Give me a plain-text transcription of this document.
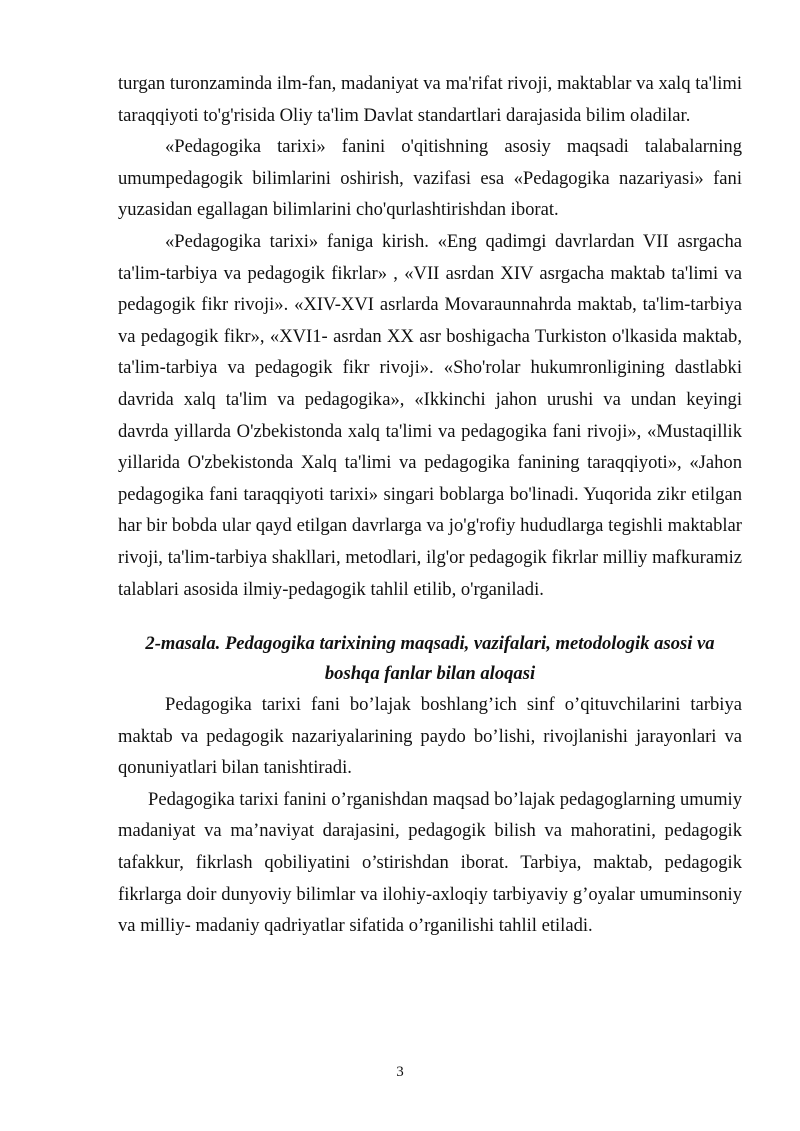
turgan turonzaminda ilm-fan, madaniyat va ma'rifat rivoji, maktablar va xalq ta'limi taraqqiyoti to'g'risida Oliy ta'lim Davlat standartlari darajasida bilim oladilar.

«Pedagogika tarixi» fanini o'qitishning asosiy maqsadi talabalarning umumpedagogik bilimlarini oshirish, vazifasi esa «Pedagogika nazariyasi» fani yuzasidan egallagan bilimlarini cho'qurlashtirishdan iborat.

«Pedagogika tarixi» faniga kirish. «Eng qadimgi davrlardan VII asrgacha ta'lim-tarbiya va pedagogik fikrlar» , «VII asrdan XIV asrgacha maktab ta'limi va pedagogik fikr rivoji». «XIV-XVI asrlarda Movaraunnahrda maktab, ta'lim-tarbiya va pedagogik fikr», «XVI1- asrdan XX asr boshigacha Turkiston o'lkasida maktab, ta'lim-tarbiya va pedagogik fikr rivoji». «Sho'rolar hukumronligining dastlabki davrida xalq ta'lim va pedagogika», «Ikkinchi jahon urushi va undan keyingi davrda yillarda O'zbekistonda xalq ta'limi va pedagogika fani rivoji», «Mustaqillik yillarida O'zbekistonda Xalq ta'limi va pedagogika fanining taraqqiyoti», «Jahon pedagogika fani taraqqiyoti tarixi» singari boblarga bo'linadi. Yuqorida zikr etilgan har bir bobda ular qayd etilgan davrlarga va jo'g'rofiy hududlarga tegishli maktablar rivoji, ta'lim-tarbiya shakllari, metodlari, ilg'or pedagogik fikrlar milliy mafkuramiz talablari asosida ilmiy-pedagogik tahlil etilib, o'rganiladi.

2-masala. Pedagogika tarixining maqsadi, vazifalari, metodologik asosi va boshqa fanlar bilan aloqasi

Pedagogika tarixi fani bo’lajak boshlang’ich sinf o’qituvchilarini tarbiya maktab va pedagogik nazariyalarining paydo bo’lishi, rivojlanishi jarayonlari va qonuniyatlari bilan tanishtiradi.

Pedagogika tarixi fanini o’rganishdan maqsad bo’lajak pedagoglarning umumiy madaniyat va ma’naviyat darajasini, pedagogik bilish va mahoratini, pedagogik tafakkur, fikrlash qobiliyatini o’stirishdan iborat. Tarbiya, maktab, pedagogik fikrlarga doir dunyoviy bilimlar va ilohiy-axloqiy tarbiyaviy g’oyalar umuminsoniy va milliy- madaniy qadriyatlar sifatida o’rganilishi tahlil etiladi.

3
